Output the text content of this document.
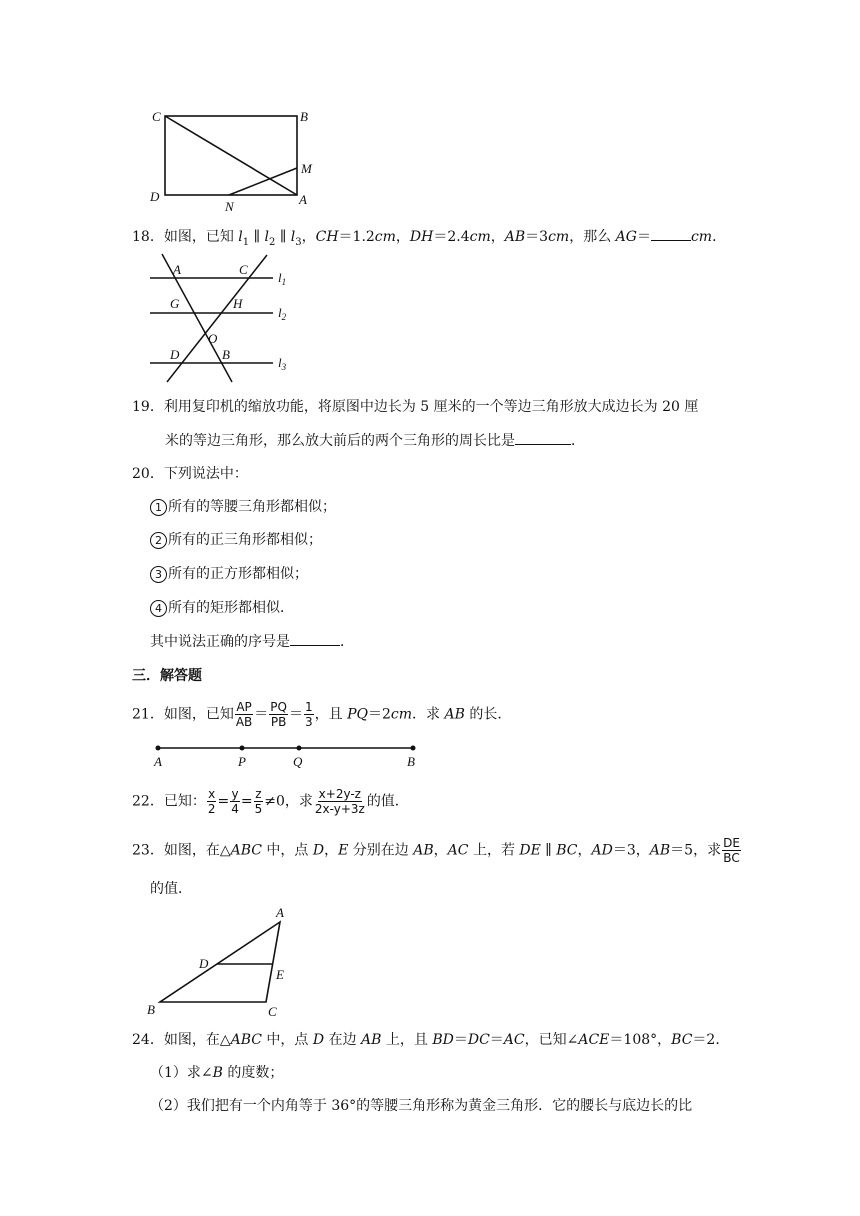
C	B
D	A
M
N
18．如图，已知 $l_1$ ∥ $l_2$ ∥ $l_3$，CH＝1.2cm，DH＝2.4cm，AB＝3cm，那么 AG＝	cm．
A	C
$l_1$
G	H
$l_2$
O
D	B
$l_3$
19．利用复印机的缩放功能，将原图中边长为 5 厘米的一个等边三角形放大成边长为 20 厘
米的等边三角形，那么放大前后的两个三角形的周长比是	．
20．下列说法中：
1 所有的等腰三角形都相似；
2 所有的正三角形都相似；
3 所有的正方形都相似；
4 所有的矩形都相似．
其中说法正确的序号是	．
三．解答题
21．如图，已知 $\frac{AP}{AB} = \frac{PQ}{PB} = \frac{1}{3}$ ，且 PQ＝2cm．求 AB 的长．
A	P	Q	B
22．已知： $\frac{x}{2} = \frac{y}{4} = \frac{z}{5} \ne 0$，求 $\frac{x+2y-z}{2x-y+3z}$ 的值．
23．如图，在△ABC 中，点 D，E 分别在边 AB，AC 上，若 DE ∥ BC，AD＝3，AB＝5，求 $\frac{DE}{BC}$
的值．
A
D
E
B	C
24．如图，在△ABC 中，点 D 在边 AB 上，且 BD＝DC＝AC，已知∠ACE＝108°，BC＝2．
（1）求∠B 的度数；
（2）我们把有一个内角等于 36°的等腰三角形称为黄金三角形．它的腰长与底边长的比
